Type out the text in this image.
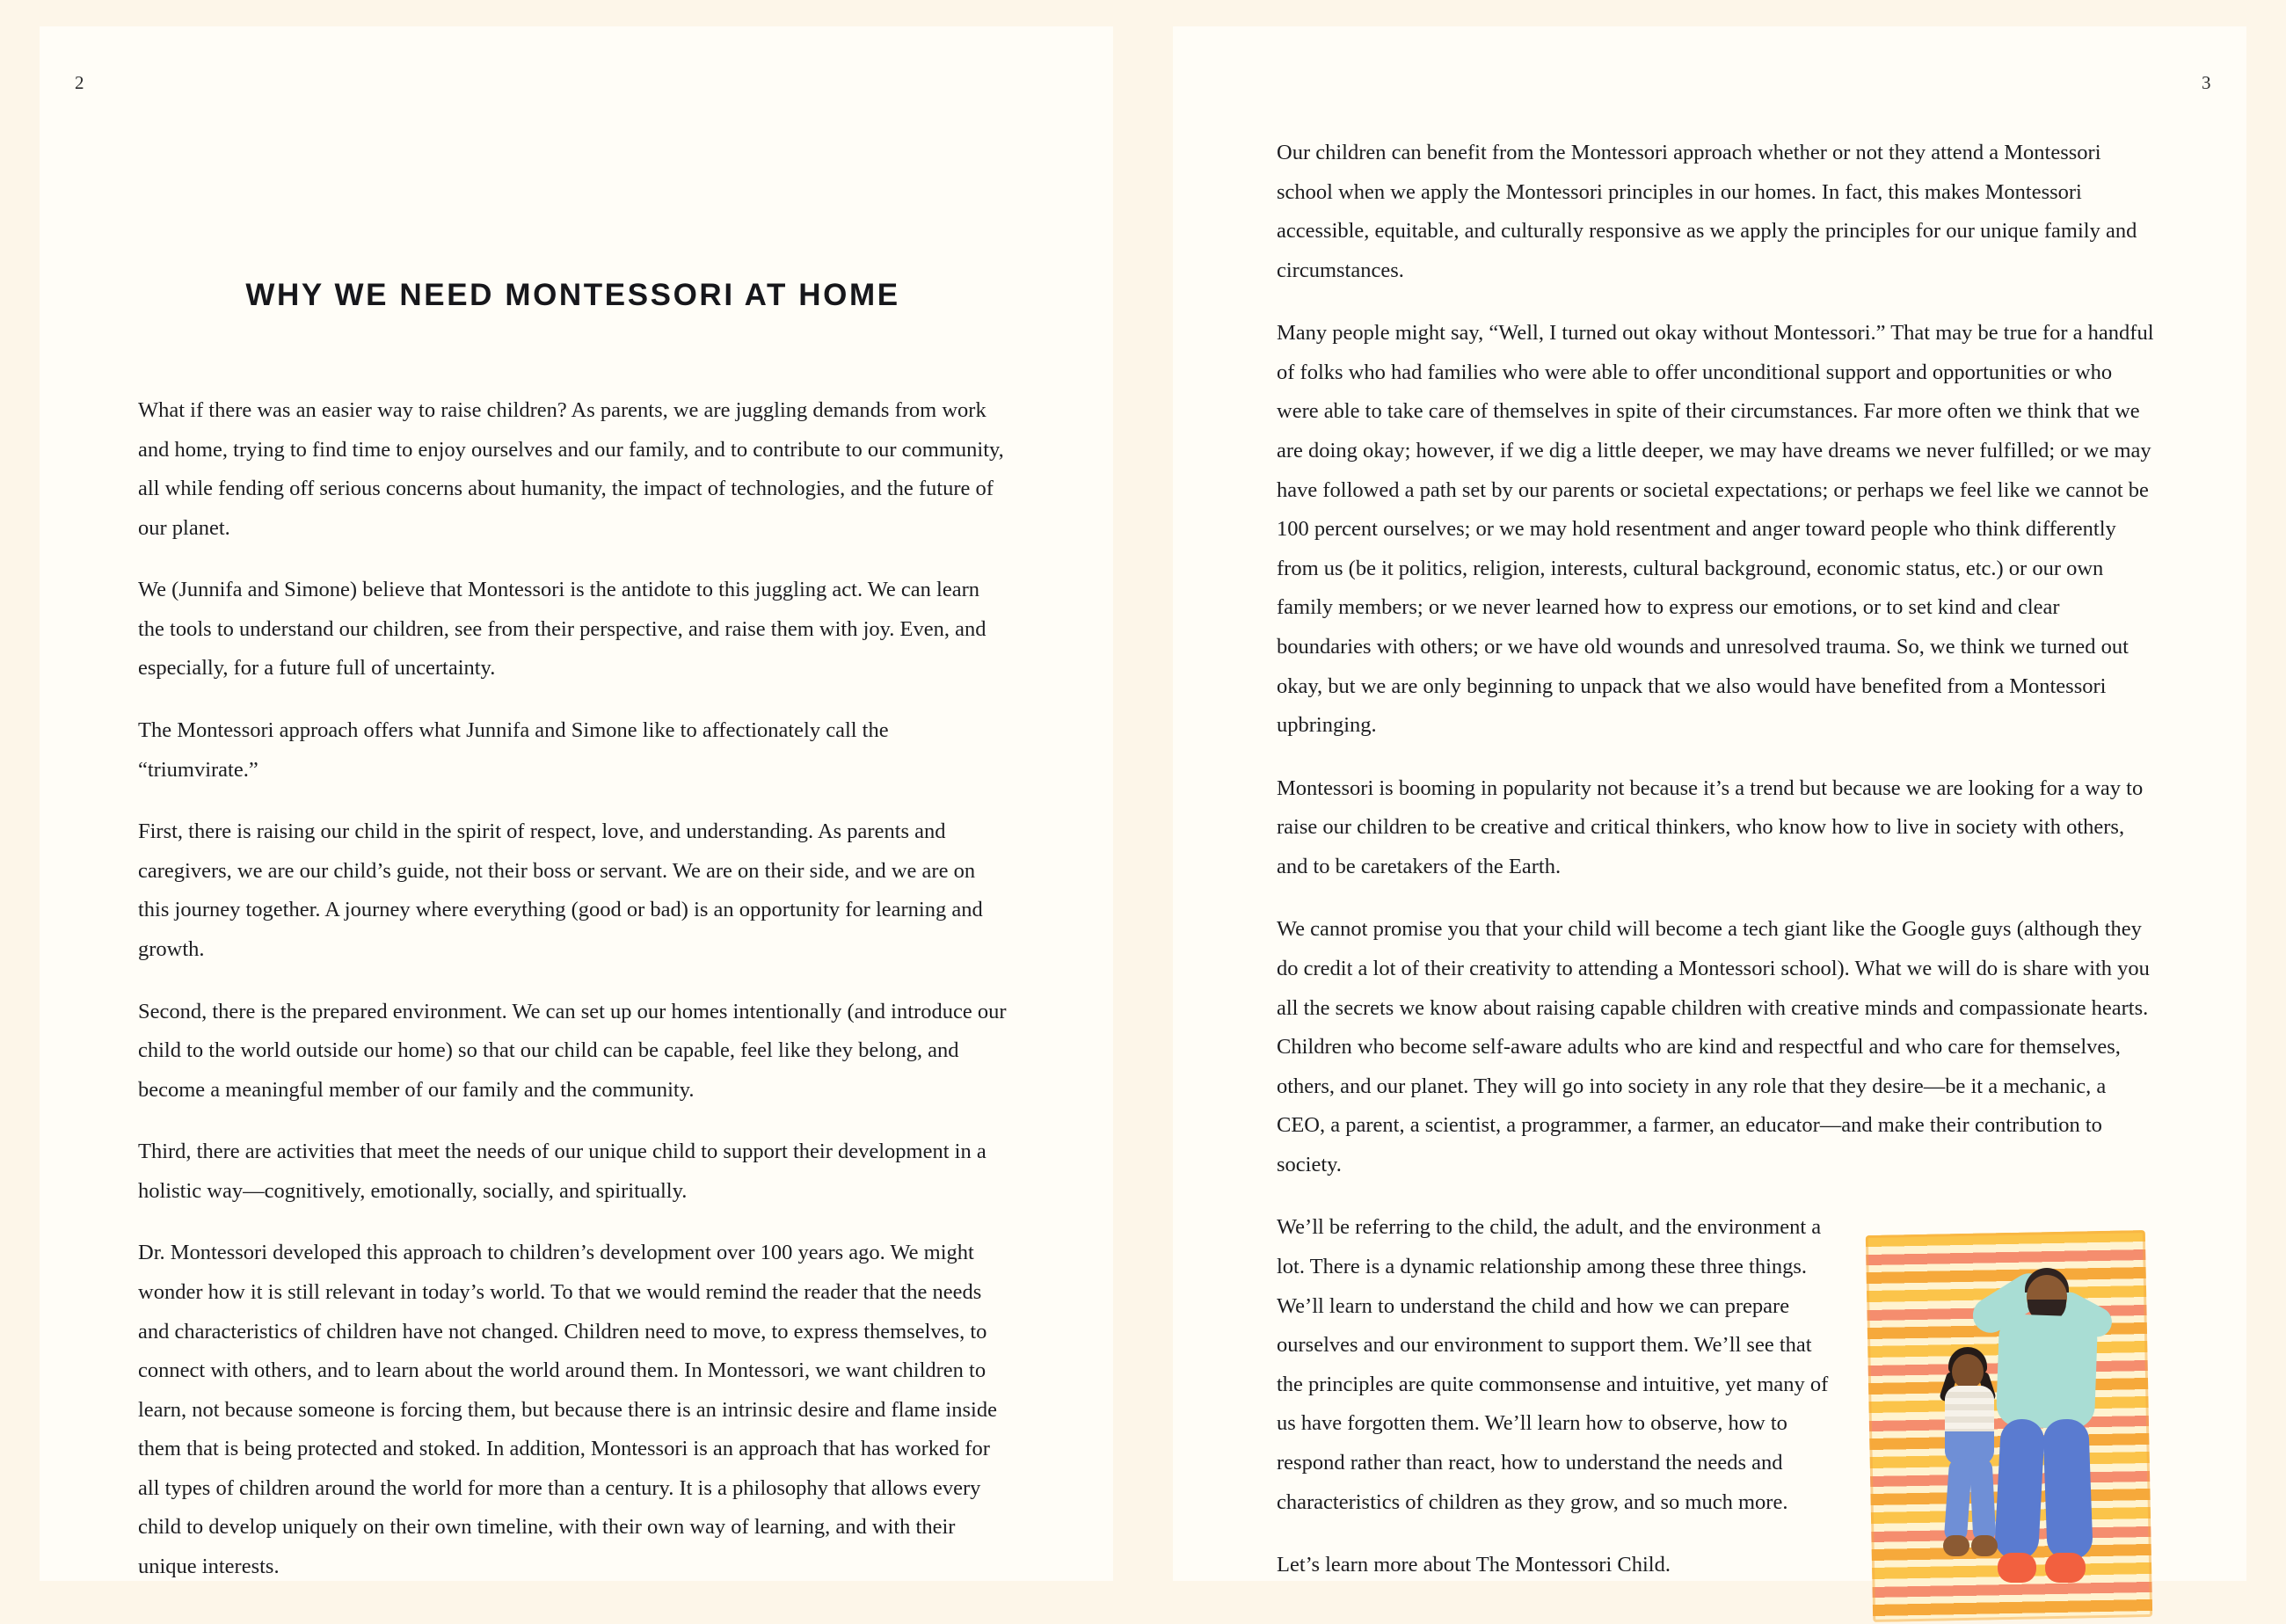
2
WHY WE NEED MONTESSORI AT HOME

What if there was an easier way to raise children? As parents, we are juggling demands from work and home, trying to find time to enjoy ourselves and our family, and to contribute to our community, all while fending off serious concerns about humanity, the impact of technologies, and the future of our planet.

We (Junnifa and Simone) believe that Montessori is the antidote to this juggling act. We can learn the tools to understand our children, see from their perspective, and raise them with joy. Even, and especially, for a future full of uncertainty.

The Montessori approach offers what Junnifa and Simone like to affectionately call the “triumvirate.”

First, there is raising our child in the spirit of respect, love, and understanding. As parents and caregivers, we are our child’s guide, not their boss or servant. We are on their side, and we are on this journey together. A journey where everything (good or bad) is an opportunity for learning and growth.

Second, there is the prepared environment. We can set up our homes intentionally (and introduce our child to the world outside our home) so that our child can be capable, feel like they belong, and become a meaningful member of our family and the community.

Third, there are activities that meet the needs of our unique child to support their development in a holistic way—cognitively, emotionally, socially, and spiritually.

Dr. Montessori developed this approach to children’s development over 100 years ago. We might wonder how it is still relevant in today’s world. To that we would remind the reader that the needs and characteristics of children have not changed. Children need to move, to express themselves, to connect with others, and to learn about the world around them. In Montessori, we want children to learn, not because someone is forcing them, but because there is an intrinsic desire and flame inside them that is being protected and stoked. In addition, Montessori is an approach that has worked for all types of children around the world for more than a century. It is a philosophy that allows every child to develop uniquely on their own timeline, with their own way of learning, and with their unique interests.

3

Our children can benefit from the Montessori approach whether or not they attend a Montessori school when we apply the Montessori principles in our homes. In fact, this makes Montessori accessible, equitable, and culturally responsive as we apply the principles for our unique family and circumstances.

Many people might say, “Well, I turned out okay without Montessori.” That may be true for a handful of folks who had families who were able to offer unconditional support and opportunities or who were able to take care of themselves in spite of their circumstances. Far more often we think that we are doing okay; however, if we dig a little deeper, we may have dreams we never fulfilled; or we may have followed a path set by our parents or societal expectations; or perhaps we feel like we cannot be 100 percent ourselves; or we may hold resentment and anger toward people who think differently from us (be it politics, religion, interests, cultural background, economic status, etc.) or our own family members; or we never learned how to express our emotions, or to set kind and clear boundaries with others; or we have old wounds and unresolved trauma. So, we think we turned out okay, but we are only beginning to unpack that we also would have benefited from a Montessori upbringing.

Montessori is booming in popularity not because it’s a trend but because we are looking for a way to raise our children to be creative and critical thinkers, who know how to live in society with others, and to be caretakers of the Earth.

We cannot promise you that your child will become a tech giant like the Google guys (although they do credit a lot of their creativity to attending a Montessori school). What we will do is share with you all the secrets we know about raising capable children with creative minds and compassionate hearts. Children who become self-aware adults who are kind and respectful and who care for themselves, others, and our planet. They will go into society in any role that they desire—be it a mechanic, a CEO, a parent, a scientist, a programmer, a farmer, an educator—and make their contribution to society.

We’ll be referring to the child, the adult, and the environment a lot. There is a dynamic relationship among these three things. We’ll learn to understand the child and how we can prepare ourselves and our environment to support them. We’ll see that the principles are quite commonsense and intuitive, yet many of us have forgotten them. We’ll learn how to observe, how to respond rather than react, how to understand the needs and characteristics of children as they grow, and so much more.

Let’s learn more about The Montessori Child.
